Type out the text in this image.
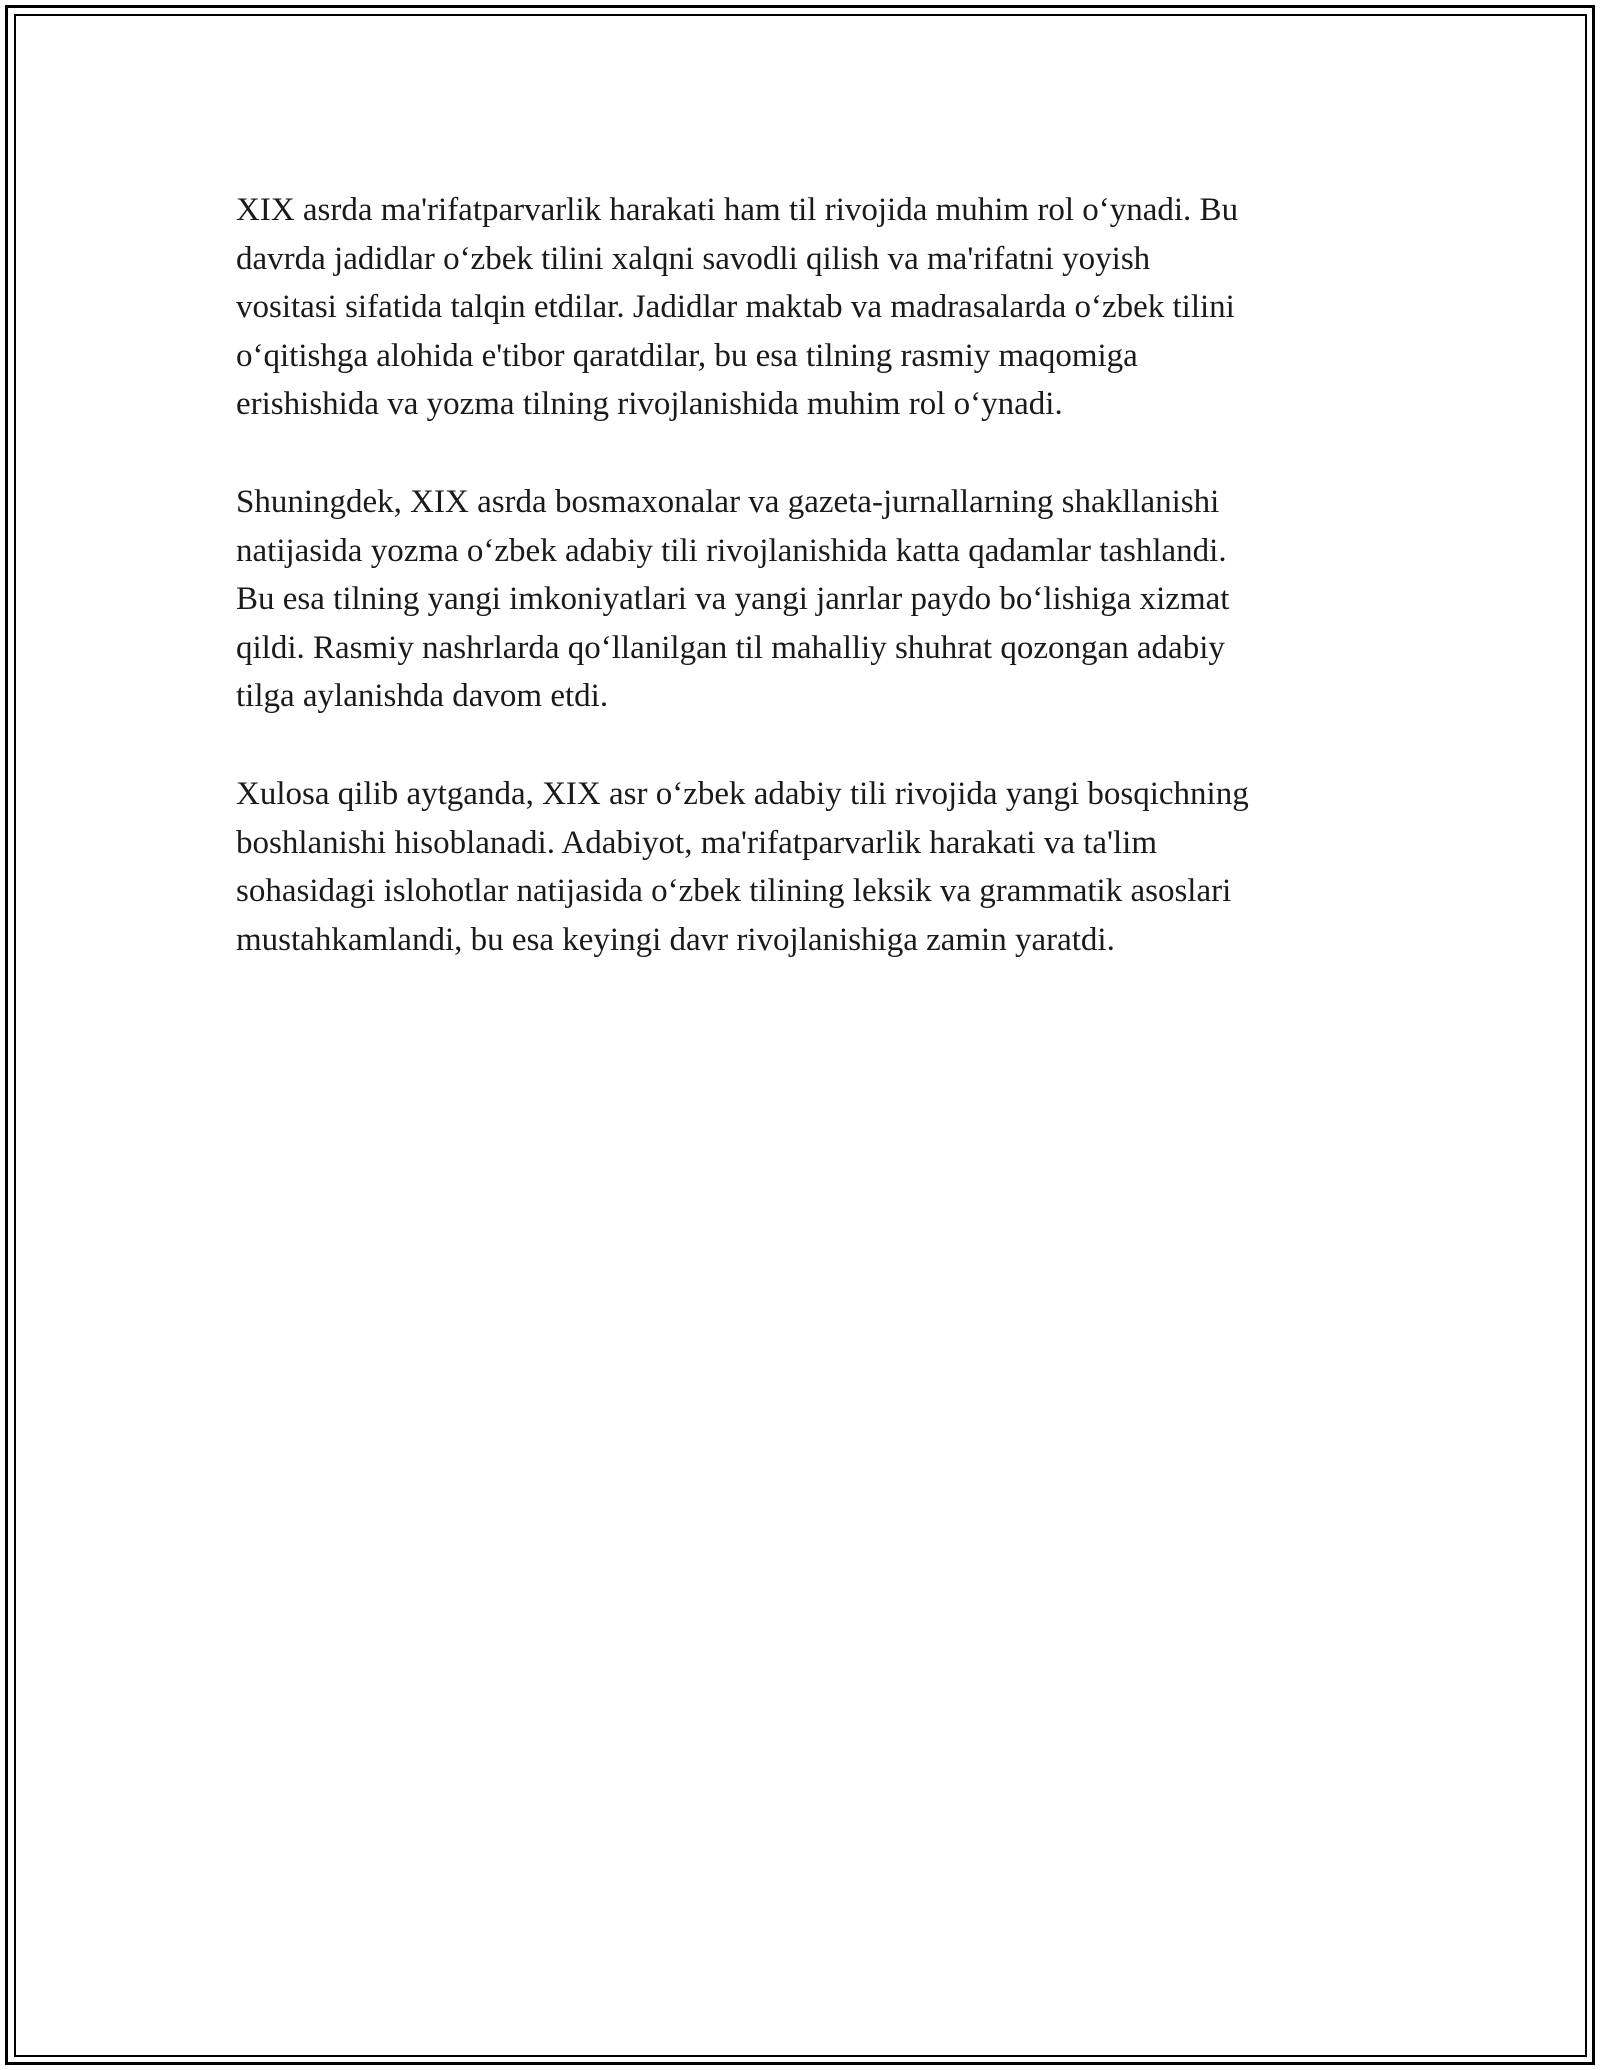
XIX asrda ma'rifatparvarlik harakati ham til rivojida muhim rol o‘ynadi. Bu
davrda jadidlar o‘zbek tilini xalqni savodli qilish va ma'rifatni yoyish
vositasi sifatida talqin etdilar. Jadidlar maktab va madrasalarda o‘zbek tilini
o‘qitishga alohida e'tibor qaratdilar, bu esa tilning rasmiy maqomiga
erishishida va yozma tilning rivojlanishida muhim rol o‘ynadi.

Shuningdek, XIX asrda bosmaxonalar va gazeta-jurnallarning shakllanishi
natijasida yozma o‘zbek adabiy tili rivojlanishida katta qadamlar tashlandi.
Bu esa tilning yangi imkoniyatlari va yangi janrlar paydo bo‘lishiga xizmat
qildi. Rasmiy nashrlarda qo‘llanilgan til mahalliy shuhrat qozongan adabiy
tilga aylanishda davom etdi.

Xulosa qilib aytganda, XIX asr o‘zbek adabiy tili rivojida yangi bosqichning
boshlanishi hisoblanadi. Adabiyot, ma'rifatparvarlik harakati va ta'lim
sohasidagi islohotlar natijasida o‘zbek tilining leksik va grammatik asoslari
mustahkamlandi, bu esa keyingi davr rivojlanishiga zamin yaratdi.
